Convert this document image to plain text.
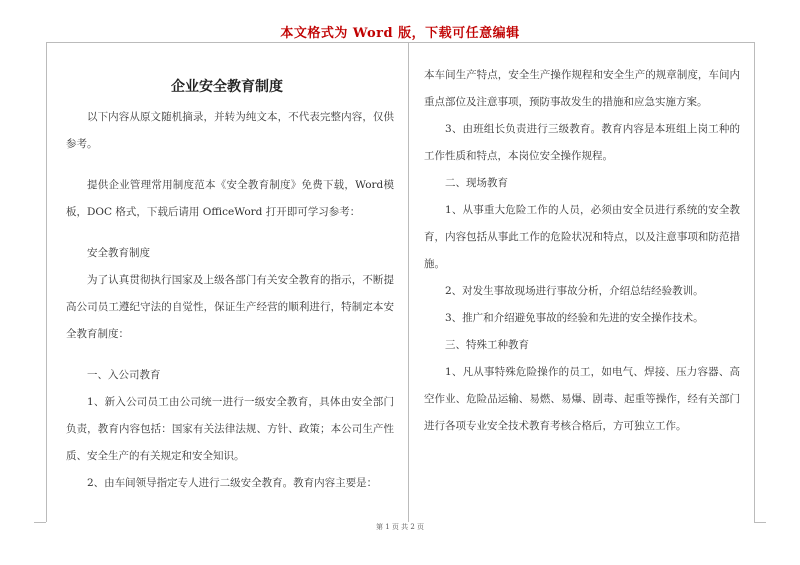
本文格式为 Word 版，下载可任意编辑
企业安全教育制度

以下内容从原文随机摘录，并转为纯文本，不代表完整内容，仅供参考。

提供企业管理常用制度范本《安全教育制度》免费下载，Word模板，DOC 格式，下载后请用 OfficeWord 打开即可学习参考：

安全教育制度

为了认真贯彻执行国家及上级各部门有关安全教育的指示，不断提高公司员工遵纪守法的自觉性，保证生产经营的顺利进行，特制定本安全教育制度：

一、入公司教育

1、新入公司员工由公司统一进行一级安全教育，具体由安全部门负责，教育内容包括：国家有关法律法规、方针、政策；本公司生产性质、安全生产的有关规定和安全知识。

2、由车间领导指定专人进行二级安全教育。教育内容主要是：

本车间生产特点，安全生产操作规程和安全生产的规章制度，车间内重点部位及注意事项，预防事故发生的措施和应急实施方案。

3、由班组长负责进行三级教育。教育内容是本班组上岗工种的工作性质和特点，本岗位安全操作规程。

二、现场教育

1、从事重大危险工作的人员，必须由安全员进行系统的安全教育，内容包括从事此工作的危险状况和特点，以及注意事项和防范措施。

2、对发生事故现场进行事故分析，介绍总结经验教训。

3、推广和介绍避免事故的经验和先进的安全操作技术。

三、特殊工种教育

1、凡从事特殊危险操作的员工，如电气、焊接、压力容器、高空作业、危险品运输、易燃、易爆、剧毒、起重等操作，经有关部门进行各项专业安全技术教育考核合格后，方可独立工作。

第 1 页 共 2 页
